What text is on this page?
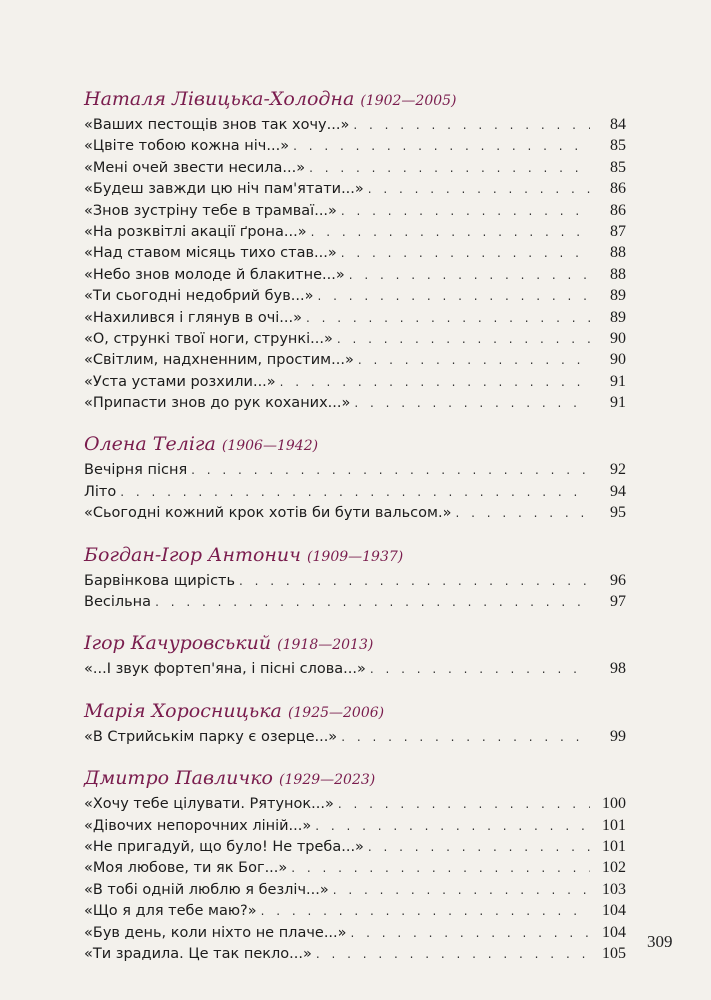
Наталя Лівицька-Холодна (1902—2005)
«Ваших пестощів знов так хочу...» . . .	84
«Цвіте тобою кожна ніч...» . . .	85
«Мені очей звести несила...» . . .	85
«Будеш завжди цю ніч пам'ятати...» . . .	86
«Знов зустріну тебе в трамваї...» . . .	86
«На розквітлі акації ґрона...» . . .	87
«Над ставом місяць тихо став...» . . .	88
«Небо знов молоде й блакитне...» . . .	88
«Ти сьогодні недобрий був...» . . .	89
«Нахилився і глянув в очі...» . . .	89
«О, стрункі твої ноги, стрункі...» . . .	90
«Світлим, надхненним, простим...» . . .	90
«Уста устами розхили...» . . .	91
«Припасти знов до рук коханих...» . . .	91
Олена Теліга (1906—1942)
Вечірня пісня . . .	92
Літо . . .	94
«Сьогодні кожний крок хотів би бути вальсом.» . . .	95
Богдан-Ігор Антонич (1909—1937)
Барвінкова щирість . . .	96
Весільна . . .	97
Ігор Качуровський (1918—2013)
«...І звук фортеп'яна, і пісні слова...» . . .	98
Марія Хоросницька (1925—2006)
«В Стрийськім парку є озерце...» . . .	99
Дмитро Павличко (1929—2023)
«Хочу тебе цілувати. Рятунок...» . . .	100
«Дівочих непорочних ліній...» . . .	101
«Не пригадуй, що було! Не треба...» . . .	101
«Моя любове, ти як Бог...» . . .	102
«В тобі одній люблю я безліч...» . . .	103
«Що я для тебе маю?» . . .	104
«Був день, коли ніхто не плаче...» . . .	104
«Ти зрадила. Це так пекло...» . . .	105
309
